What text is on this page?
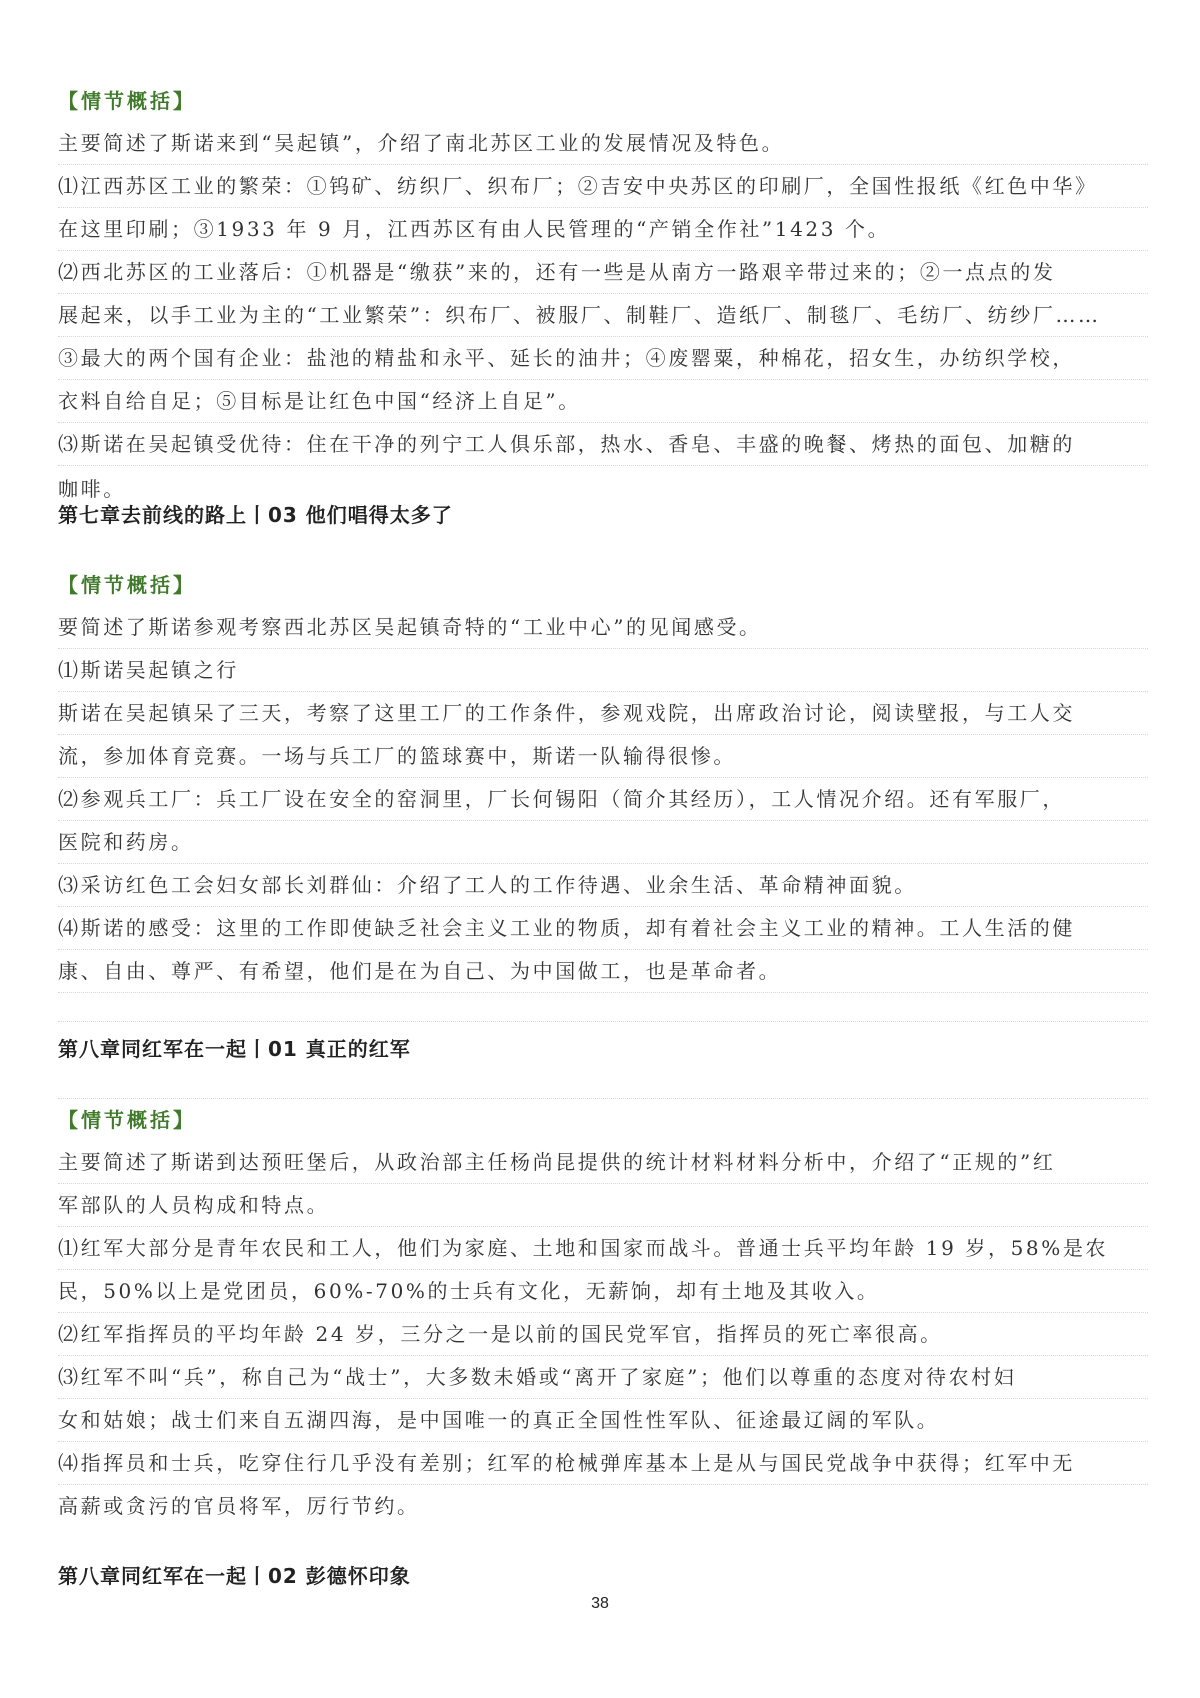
【情节概括】
主要简述了斯诺来到“吴起镇”，介绍了南北苏区工业的发展情况及特色。
⑴江西苏区工业的繁荣：①钨矿、纺织厂、织布厂；②吉安中央苏区的印刷厂，全国性报纸《红色中华》
在这里印刷；③1933 年 9 月，江西苏区有由人民管理的“产销全作社”1423 个。
⑵西北苏区的工业落后：①机器是“缴获”来的，还有一些是从南方一路艰辛带过来的；②一点点的发
展起来，以手工业为主的“工业繁荣”：织布厂、被服厂、制鞋厂、造纸厂、制毯厂、毛纺厂、纺纱厂……
③最大的两个国有企业：盐池的精盐和永平、延长的油井；④废罂粟，种棉花，招女生，办纺织学校，
衣料自给自足；⑤目标是让红色中国“经济上自足”。
⑶斯诺在吴起镇受优待：住在干净的列宁工人俱乐部，热水、香皂、丰盛的晚餐、烤热的面包、加糖的
咖啡。
第七章去前线的路上丨03 他们唱得太多了
【情节概括】
要简述了斯诺参观考察西北苏区吴起镇奇特的“工业中心”的见闻感受。
⑴斯诺吴起镇之行
斯诺在吴起镇呆了三天，考察了这里工厂的工作条件，参观戏院，出席政治讨论，阅读壁报，与工人交
流，参加体育竞赛。一场与兵工厂的篮球赛中，斯诺一队输得很惨。
⑵参观兵工厂：兵工厂设在安全的窑洞里，厂长何锡阳（简介其经历），工人情况介绍。还有军服厂，
医院和药房。
⑶采访红色工会妇女部长刘群仙：介绍了工人的工作待遇、业余生活、革命精神面貌。
⑷斯诺的感受：这里的工作即使缺乏社会主义工业的物质，却有着社会主义工业的精神。工人生活的健
康、自由、尊严、有希望，他们是在为自己、为中国做工，也是革命者。
第八章同红军在一起丨01 真正的红军
【情节概括】
主要简述了斯诺到达预旺堡后，从政治部主任杨尚昆提供的统计材料材料分析中，介绍了“正规的”红
军部队的人员构成和特点。
⑴红军大部分是青年农民和工人，他们为家庭、土地和国家而战斗。普通士兵平均年龄 19 岁，58%是农
民，50%以上是党团员，60%-70%的士兵有文化，无薪饷，却有土地及其收入。
⑵红军指挥员的平均年龄 24 岁，三分之一是以前的国民党军官，指挥员的死亡率很高。
⑶红军不叫“兵”，称自己为“战士”，大多数未婚或“离开了家庭”；他们以尊重的态度对待农村妇
女和姑娘；战士们来自五湖四海，是中国唯一的真正全国性性军队、征途最辽阔的军队。
⑷指挥员和士兵，吃穿住行几乎没有差别；红军的枪械弹库基本上是从与国民党战争中获得；红军中无
高薪或贪污的官员将军，厉行节约。
第八章同红军在一起丨02 彭德怀印象
38
